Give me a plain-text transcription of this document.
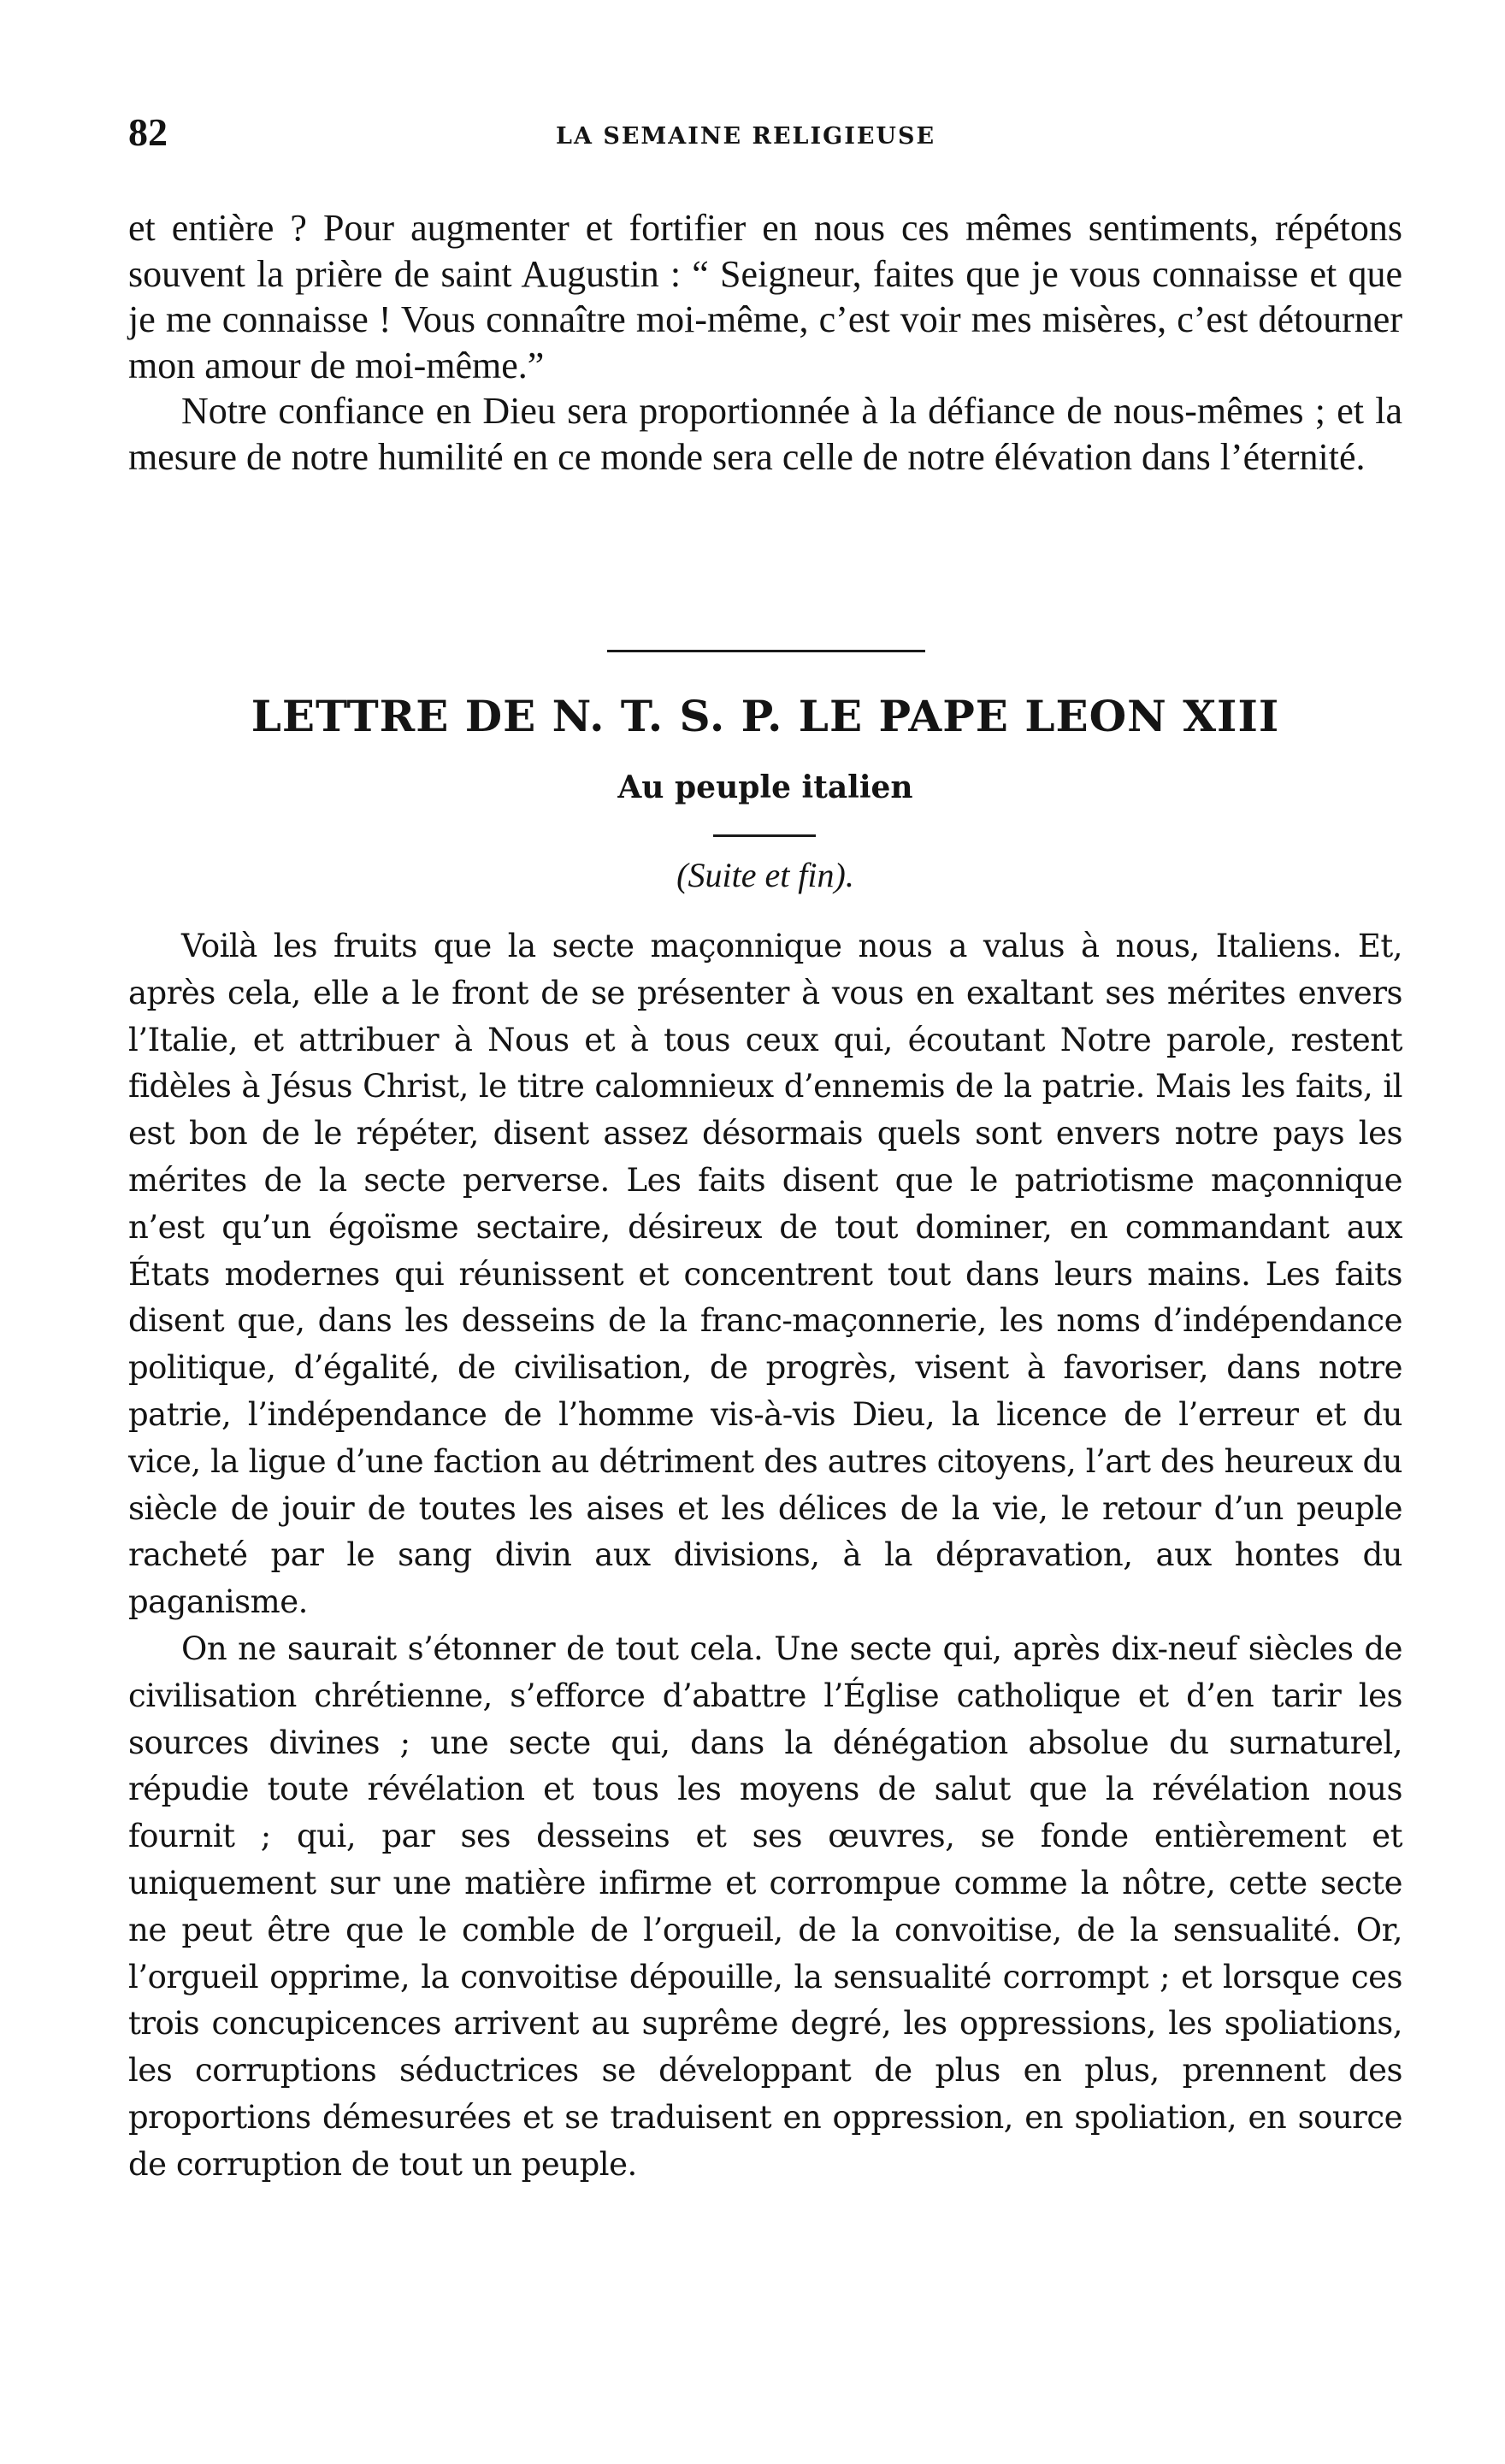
82	LA SEMAINE RELIGIEUSE

et entière ? Pour augmenter et fortifier en nous ces mêmes sentiments, répétons souvent la prière de saint Augustin : “ Seigneur, faites que je vous connaisse et que je me connaisse ! Vous connaître moi-même, c’est voir mes misères, c’est détourner mon amour de moi-même.”

Notre confiance en Dieu sera proportionnée à la défiance de nous-mêmes ; et la mesure de notre humilité en ce monde sera celle de notre élévation dans l’éternité.

LETTRE DE N. T. S. P. LE PAPE LEON XIII
Au peuple italien
(Suite et fin).

Voilà les fruits que la secte maçonnique nous a valus à nous, Italiens. Et, après cela, elle a le front de se présenter à vous en exaltant ses mérites envers l’Italie, et attribuer à Nous et à tous ceux qui, écoutant Notre parole, restent fidèles à Jésus Christ, le titre calomnieux d’ennemis de la patrie. Mais les faits, il est bon de le répéter, disent assez désormais quels sont envers notre pays les mérites de la secte perverse. Les faits disent que le patriotisme maçonnique n’est qu’un égoïsme sectaire, désireux de tout dominer, en commandant aux États modernes qui réunissent et concentrent tout dans leurs mains. Les faits disent que, dans les desseins de la franc-maçonnerie, les noms d’indépendance politique, d’égalité, de civilisation, de progrès, visent à favoriser, dans notre patrie, l’indépendance de l’homme vis-à-vis Dieu, la licence de l’erreur et du vice, la ligue d’une faction au détriment des autres citoyens, l’art des heureux du siècle de jouir de toutes les aises et les délices de la vie, le retour d’un peuple racheté par le sang divin aux divisions, à la dépravation, aux hontes du paganisme.

On ne saurait s’étonner de tout cela. Une secte qui, après dix-neuf siècles de civilisation chrétienne, s’efforce d’abattre l’Église catholique et d’en tarir les sources divines ; une secte qui, dans la dénégation absolue du surnaturel, répudie toute révélation et tous les moyens de salut que la révélation nous fournit ; qui, par ses desseins et ses œuvres, se fonde entièrement et uniquement sur une matière infirme et corrompue comme la nôtre, cette secte ne peut être que le comble de l’orgueil, de la convoitise, de la sensualité. Or, l’orgueil opprime, la convoitise dépouille, la sensualité corrompt ; et lorsque ces trois concupicences arrivent au suprême degré, les oppressions, les spoliations, les corruptions séductrices se développant de plus en plus, prennent des proportions démesurées et se traduisent en oppression, en spoliation, en source de corruption de tout un peuple.
